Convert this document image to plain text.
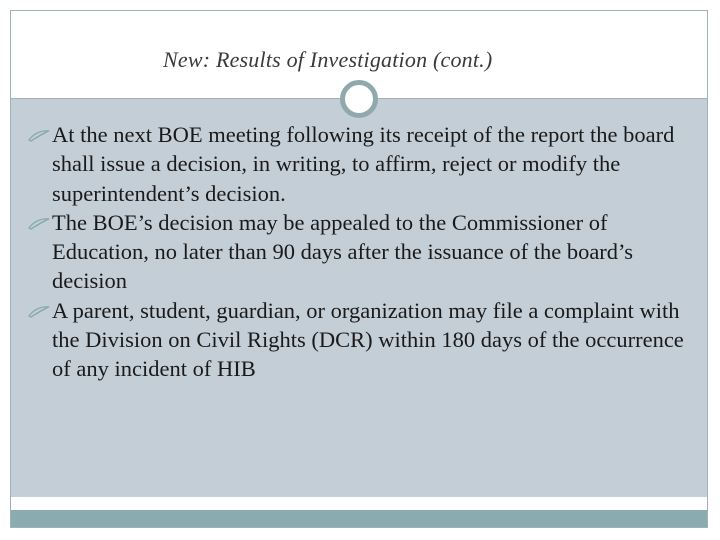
New: Results of Investigation (cont.)
At the next BOE meeting following its receipt of the report the board shall issue a decision, in writing, to affirm, reject or modify the superintendent’s decision.
The BOE’s decision may be appealed to the Commissioner of Education, no later than 90 days after the issuance of the board’s decision
A parent, student, guardian, or organization may file a complaint with the Division on Civil Rights (DCR) within 180 days of the occurrence of any incident of HIB
